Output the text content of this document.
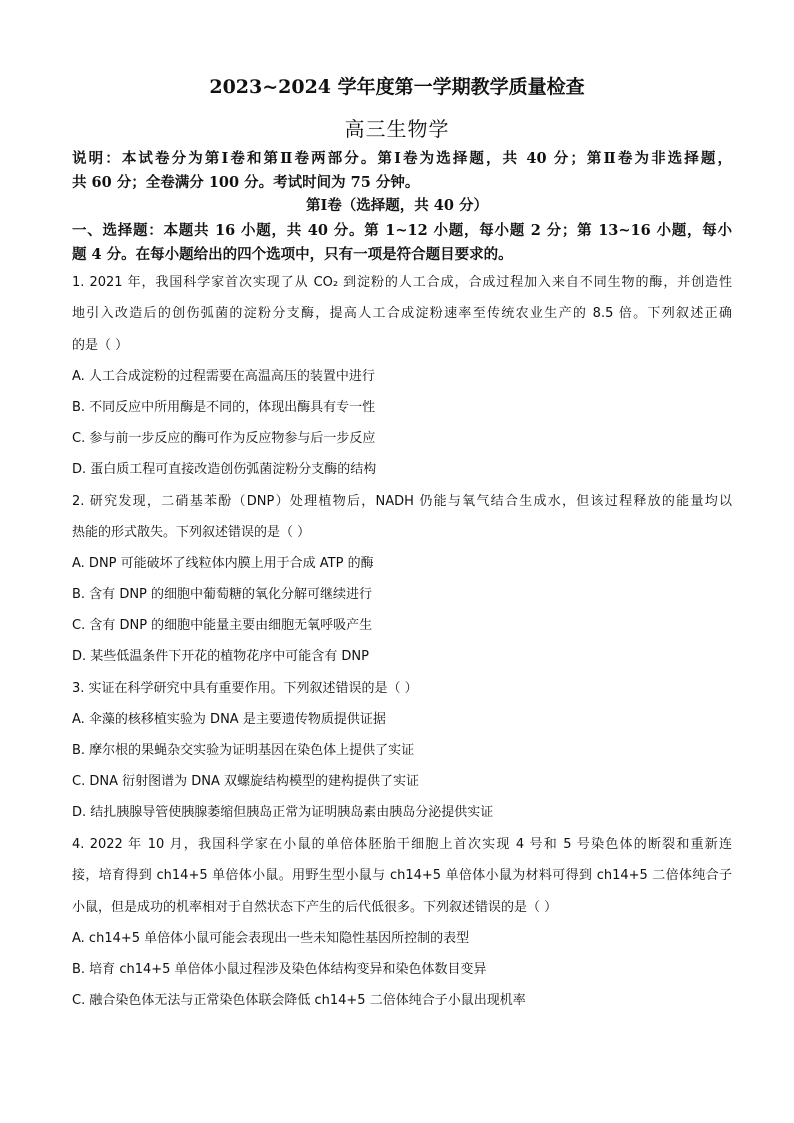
2023~2024 学年度第一学期教学质量检查
高三生物学
说明：本试卷分为第Ⅰ卷和第Ⅱ卷两部分。第Ⅰ卷为选择题，共 40 分；第Ⅱ卷为非选择题，
共 60 分；全卷满分 100 分。考试时间为 75 分钟。
第Ⅰ卷（选择题，共 40 分）
一、选择题：本题共 16 小题，共 40 分。第 1~12 小题，每小题 2 分；第 13~16 小题，每小
题 4 分。在每小题给出的四个选项中，只有一项是符合题目要求的。
1. 2021 年，我国科学家首次实现了从 CO₂ 到淀粉的人工合成，合成过程加入来自不同生物的酶，并创造性
地引入改造后的创伤弧菌的淀粉分支酶，提高人工合成淀粉速率至传统农业生产的 8.5 倍。下列叙述正确
的是（ ）
A. 人工合成淀粉的过程需要在高温高压的装置中进行
B. 不同反应中所用酶是不同的，体现出酶具有专一性
C. 参与前一步反应的酶可作为反应物参与后一步反应
D. 蛋白质工程可直接改造创伤弧菌淀粉分支酶的结构
2. 研究发现，二硝基苯酚（DNP）处理植物后，NADH 仍能与氧气结合生成水，但该过程释放的能量均以
热能的形式散失。下列叙述错误的是（ ）
A. DNP 可能破坏了线粒体内膜上用于合成 ATP 的酶
B. 含有 DNP 的细胞中葡萄糖的氧化分解可继续进行
C. 含有 DNP 的细胞中能量主要由细胞无氧呼吸产生
D. 某些低温条件下开花的植物花序中可能含有 DNP
3. 实证在科学研究中具有重要作用。下列叙述错误的是（ ）
A. 伞藻的核移植实验为 DNA 是主要遗传物质提供证据
B. 摩尔根的果蝇杂交实验为证明基因在染色体上提供了实证
C. DNA 衍射图谱为 DNA 双螺旋结构模型的建构提供了实证
D. 结扎胰腺导管使胰腺萎缩但胰岛正常为证明胰岛素由胰岛分泌提供实证
4. 2022 年 10 月，我国科学家在小鼠的单倍体胚胎干细胞上首次实现 4 号和 5 号染色体的断裂和重新连
接，培育得到 ch14+5 单倍体小鼠。用野生型小鼠与 ch14+5 单倍体小鼠为材料可得到 ch14+5 二倍体纯合子
小鼠，但是成功的机率相对于自然状态下产生的后代低很多。下列叙述错误的是（ ）
A. ch14+5 单倍体小鼠可能会表现出一些未知隐性基因所控制的表型
B. 培育 ch14+5 单倍体小鼠过程涉及染色体结构变异和染色体数目变异
C. 融合染色体无法与正常染色体联会降低 ch14+5 二倍体纯合子小鼠出现机率
